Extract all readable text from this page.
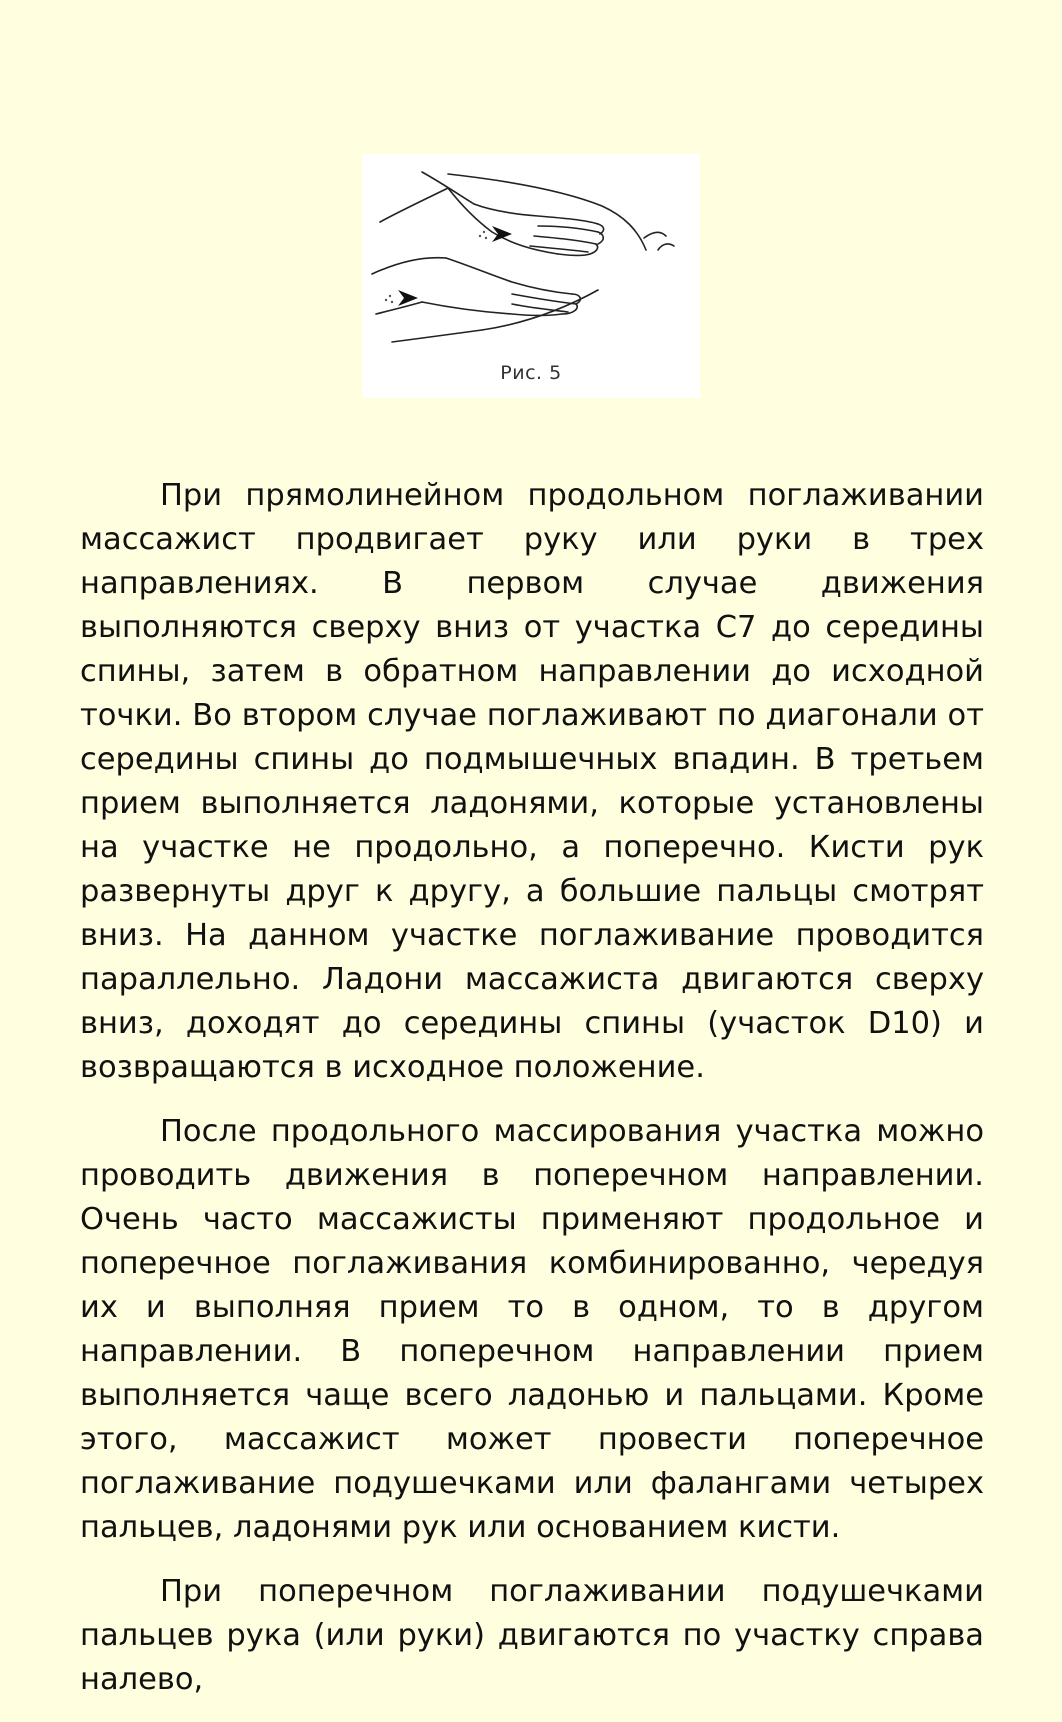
Рис. 5

При прямолинейном продольном поглаживании массажист продвигает руку или руки в трех направлениях. В первом случае движения выполняются сверху вниз от участка С7 до середины спины, затем в обратном направлении до исходной точки. Во втором случае поглаживают по диагонали от середины спины до подмышечных впадин. В третьем прием выполняется ладонями, которые установлены на участке не продольно, а поперечно. Кисти рук развернуты друг к другу, а большие пальцы смотрят вниз. На данном участке поглаживание проводится параллельно. Ладони массажиста двигаются сверху вниз, доходят до середины спины (участок D10) и возвращаются в исходное положение.

После продольного массирования участка можно проводить движения в поперечном направлении. Очень часто массажисты применяют продольное и поперечное поглаживания комбинированно, чередуя их и выполняя прием то в одном, то в другом направлении. В поперечном направлении прием выполняется чаще всего ладонью и пальцами. Кроме этого, массажист может провести поперечное поглаживание подушечками или фалангами четырех пальцев, ладонями рук или основанием кисти.

При поперечном поглаживании подушечками пальцев рука (или руки) двигаются по участку справа налево,
